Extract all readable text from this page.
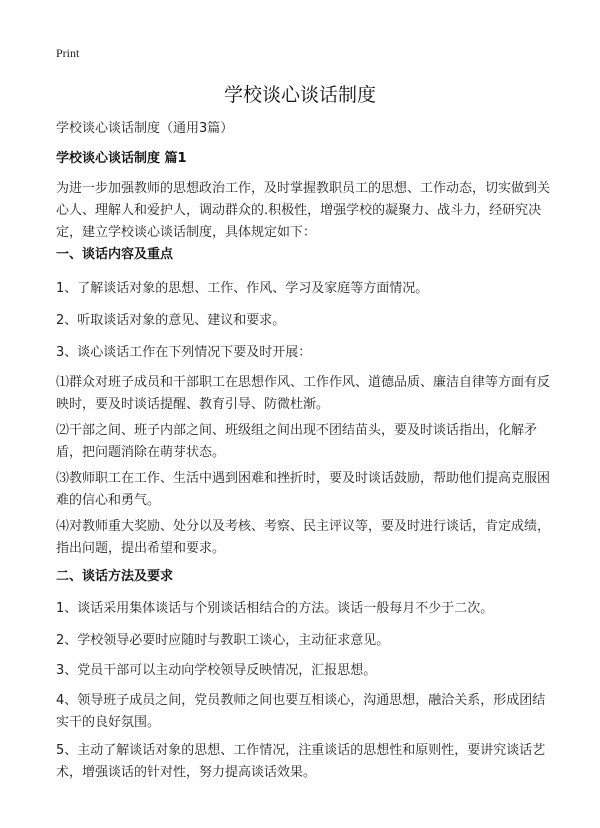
Print
学校谈心谈话制度

学校谈心谈话制度（通用3篇）

学校谈心谈话制度 篇1

为进一步加强教师的思想政治工作，及时掌握教职员工的思想、工作动态，切实做到关心人、理解人和爱护人，调动群众的.积极性，增强学校的凝聚力、战斗力，经研究决定，建立学校谈心谈话制度，具体规定如下：

一、谈话内容及重点

1、了解谈话对象的思想、工作、作风、学习及家庭等方面情况。

2、听取谈话对象的意见、建议和要求。

3、谈心谈话工作在下列情况下要及时开展：

⑴群众对班子成员和干部职工在思想作风、工作作风、道德品质、廉洁自律等方面有反映时，要及时谈话提醒、教育引导、防微杜渐。

⑵干部之间、班子内部之间、班级组之间出现不团结苗头，要及时谈话指出，化解矛盾，把问题消除在萌芽状态。

⑶教师职工在工作、生活中遇到困难和挫折时，要及时谈话鼓励，帮助他们提高克服困难的信心和勇气。

⑷对教师重大奖励、处分以及考核、考察、民主评议等，要及时进行谈话，肯定成绩，指出问题，提出希望和要求。

二、谈话方法及要求

1、谈话采用集体谈话与个别谈话相结合的方法。谈话一般每月不少于二次。

2、学校领导必要时应随时与教职工谈心，主动征求意见。

3、党员干部可以主动向学校领导反映情况，汇报思想。

4、领导班子成员之间，党员教师之间也要互相谈心，沟通思想，融洽关系，形成团结实干的良好氛围。

5、主动了解谈话对象的思想、工作情况，注重谈话的思想性和原则性，要讲究谈话艺术，增强谈话的针对性，努力提高谈话效果。
